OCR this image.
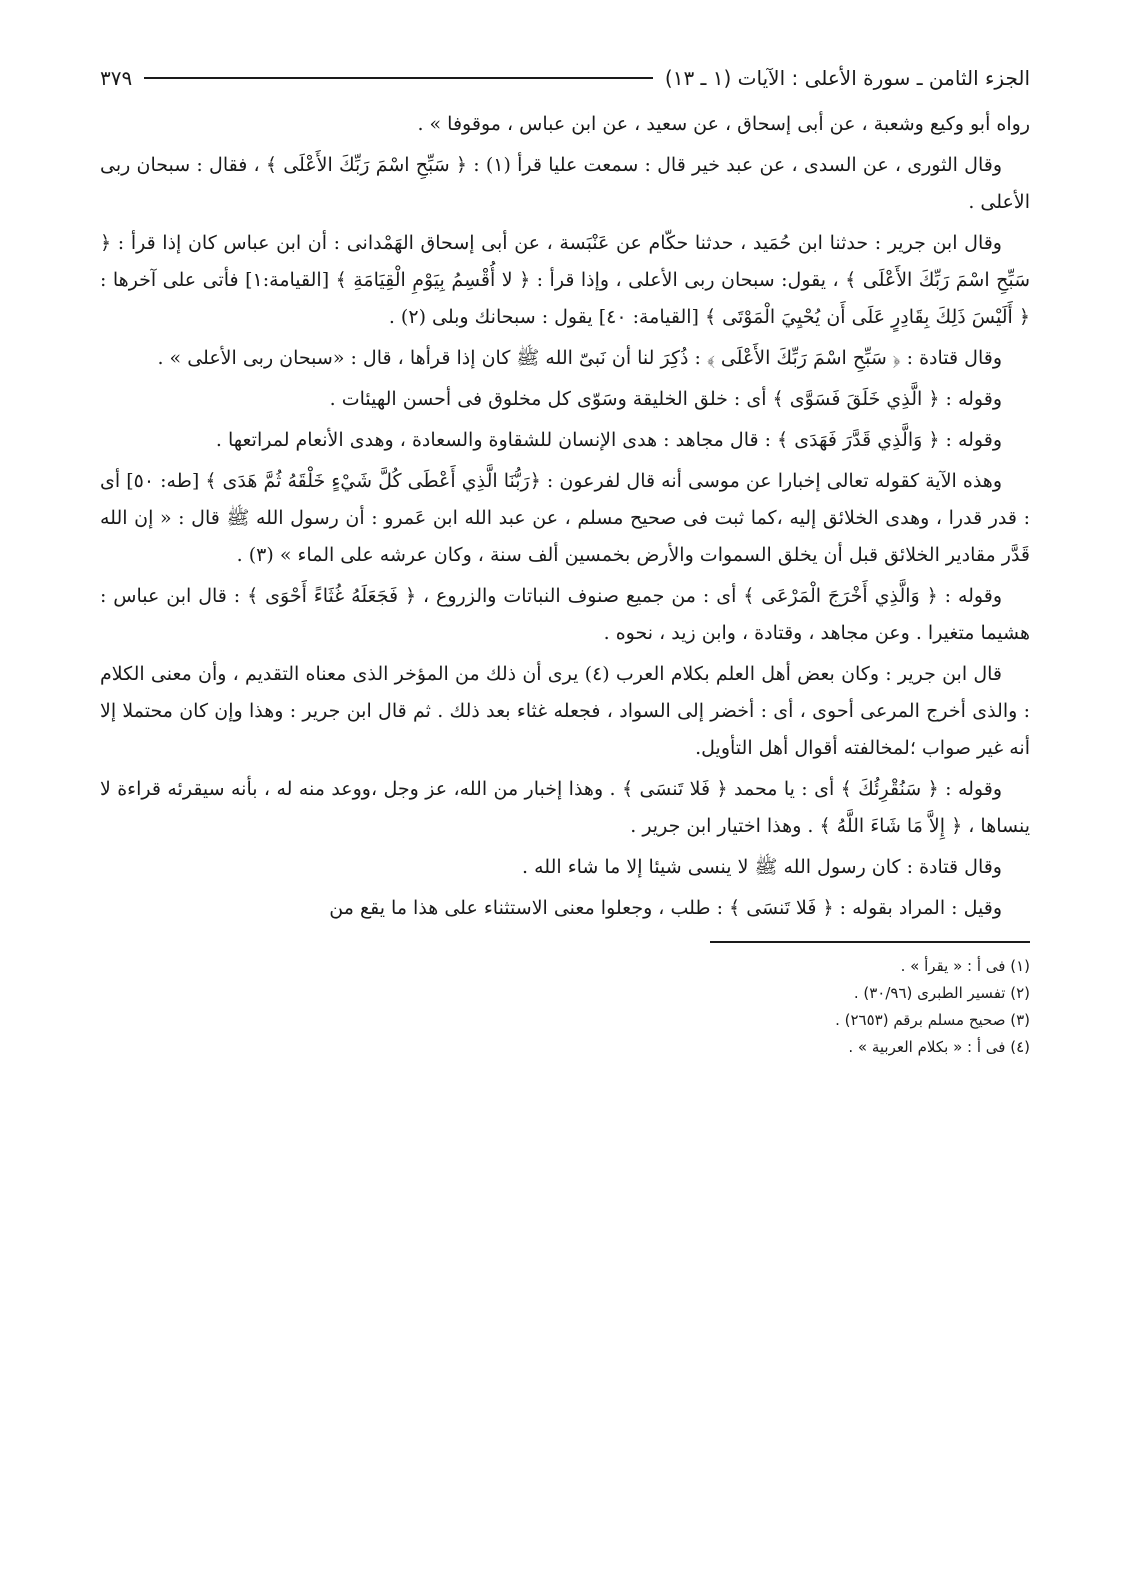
الجزء الثامن ـ سورة الأعلى : الآيات (١ ـ ١٣)
٣٧٩

رواه أبو وكيع وشعبة ، عن أبى إسحاق ، عن سعيد ، عن ابن عباس ، موقوفا » .

وقال الثورى ، عن السدى ، عن عبد خير قال : سمعت عليا قرأ (١) : ﴿ سَبِّحِ اسْمَ رَبِّكَ الأَعْلَى ﴾ ، فقال : سبحان ربى الأعلى .

وقال ابن جرير : حدثنا ابن حُمَيد ، حدثنا حكّام عن عَنْبَسة ، عن أبى إسحاق الهَمْدانى : أن ابن عباس كان إذا قرأ : ﴿ سَبِّحِ اسْمَ رَبِّكَ الأَعْلَى ﴾ ، يقول: سبحان ربى الأعلى ، وإذا قرأ : ﴿ لا أُقْسِمُ بِيَوْمِ الْقِيَامَةِ ﴾ [القيامة:١] فأتى على آخرها : ﴿ أَلَيْسَ ذَلِكَ بِقَادِرٍ عَلَى أَن يُحْيِيَ الْمَوْتَى ﴾ [القيامة: ٤٠] يقول : سبحانك وبلى (٢) .

وقال قتادة : ﴿ سَبِّحِ اسْمَ رَبِّكَ الأَعْلَى ﴾ : ذُكِرَ لنا أن نَبىّ الله ﷺ كان إذا قرأها ، قال : «سبحان ربى الأعلى » .

وقوله : ﴿ الَّذِي خَلَقَ فَسَوَّى ﴾ أى : خلق الخليقة وسَوّى كل مخلوق فى أحسن الهيئات .

وقوله : ﴿ وَالَّذِي قَدَّرَ فَهَدَى ﴾ : قال مجاهد : هدى الإنسان للشقاوة والسعادة ، وهدى الأنعام لمراتعها .

وهذه الآية كقوله تعالى إخبارا عن موسى أنه قال لفرعون : ﴿رَبُّنَا الَّذِي أَعْطَى كُلَّ شَيْءٍ خَلْقَهُ ثُمَّ هَدَى ﴾ [طه: ٥٠] أى : قدر قدرا ، وهدى الخلائق إليه ،كما ثبت فى صحيح مسلم ، عن عبد الله ابن عَمرو : أن رسول الله ﷺ قال : « إن الله قَدَّر مقادير الخلائق قبل أن يخلق السموات والأرض بخمسين ألف سنة ، وكان عرشه على الماء » (٣) .

وقوله : ﴿ وَالَّذِي أَخْرَجَ الْمَرْعَى ﴾ أى : من جميع صنوف النباتات والزروع ، ﴿ فَجَعَلَهُ غُثَاءً أَحْوَى ﴾ : قال ابن عباس : هشيما متغيرا . وعن مجاهد ، وقتادة ، وابن زيد ، نحوه .

قال ابن جرير : وكان بعض أهل العلم بكلام العرب (٤) يرى أن ذلك من المؤخر الذى معناه التقديم ، وأن معنى الكلام : والذى أخرج المرعى أحوى ، أى : أخضر إلى السواد ، فجعله غثاء بعد ذلك . ثم قال ابن جرير : وهذا وإن كان محتملا إلا أنه غير صواب ؛لمخالفته أقوال أهل التأويل.

وقوله : ﴿ سَنُقْرِئُكَ ﴾ أى : يا محمد ﴿ فَلا تَنسَى ﴾ . وهذا إخبار من الله، عز وجل ،ووعد منه له ، بأنه سيقرئه قراءة لا ينساها ، ﴿ إِلاَّ مَا شَاءَ اللَّهُ ﴾ . وهذا اختيار ابن جرير .

وقال قتادة : كان رسول الله ﷺ لا ينسى شيئا إلا ما شاء الله .

وقيل : المراد بقوله : ﴿ فَلا تَنسَى ﴾ : طلب ، وجعلوا معنى الاستثناء على هذا ما يقع من

(١) فى أ : « يقرأ » .
(٢) تفسير الطبرى (٣٠/٩٦) .
(٣) صحيح مسلم برقم (٢٦٥٣) .
(٤) فى أ : « بكلام العربية » .
